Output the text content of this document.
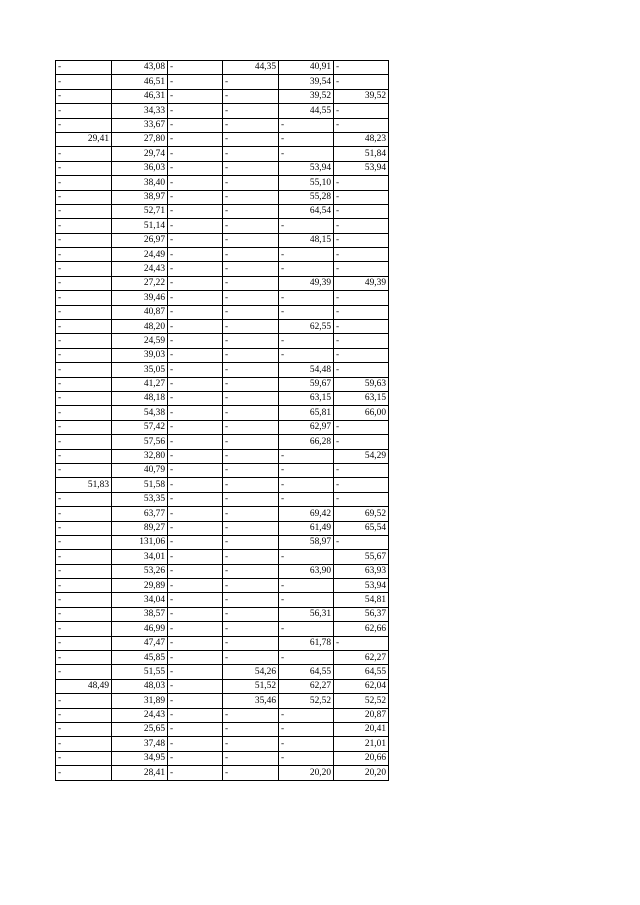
-	43,08	-	44,35	40,91	-
-	46,51	-	-	39,54	-
-	46,31	-	-	39,52	39,52
-	34,33	-	-	44,55	-
-	33,67	-	-	-	-
29,41	27,80	-	-	-	48,23
-	29,74	-	-	-	51,84
-	36,03	-	-	53,94	53,94
-	38,40	-	-	55,10	-
-	38,97	-	-	55,28	-
-	52,71	-	-	64,54	-
-	51,14	-	-	-	-
-	26,97	-	-	48,15	-
-	24,49	-	-	-	-
-	24,43	-	-	-	-
-	27,22	-	-	49,39	49,39
-	39,46	-	-	-	-
-	40,87	-	-	-	-
-	48,20	-	-	62,55	-
-	24,59	-	-	-	-
-	39,03	-	-	-	-
-	35,05	-	-	54,48	-
-	41,27	-	-	59,67	59,63
-	48,18	-	-	63,15	63,15
-	54,38	-	-	65,81	66,00
-	57,42	-	-	62,97	-
-	57,56	-	-	66,28	-
-	32,80	-	-	-	54,29
-	40,79	-	-	-	-
51,83	51,58	-	-	-	-
-	53,35	-	-	-	-
-	63,77	-	-	69,42	69,52
-	89,27	-	-	61,49	65,54
-	131,06	-	-	58,97	-
-	34,01	-	-	-	55,67
-	53,26	-	-	63,90	63,93
-	29,89	-	-	-	53,94
-	34,04	-	-	-	54,81
-	38,57	-	-	56,31	56,37
-	46,99	-	-	-	62,66
-	47,47	-	-	61,78	-
-	45,85	-	-	-	62,27
-	51,55	-	54,26	64,55	64,55
48,49	48,03	-	51,52	62,27	62,04
-	31,89	-	35,46	52,52	52,52
-	24,43	-	-	-	20,87
-	25,65	-	-	-	20,41
-	37,48	-	-	-	21,01
-	34,95	-	-	-	20,66
-	28,41	-	-	20,20	20,20
